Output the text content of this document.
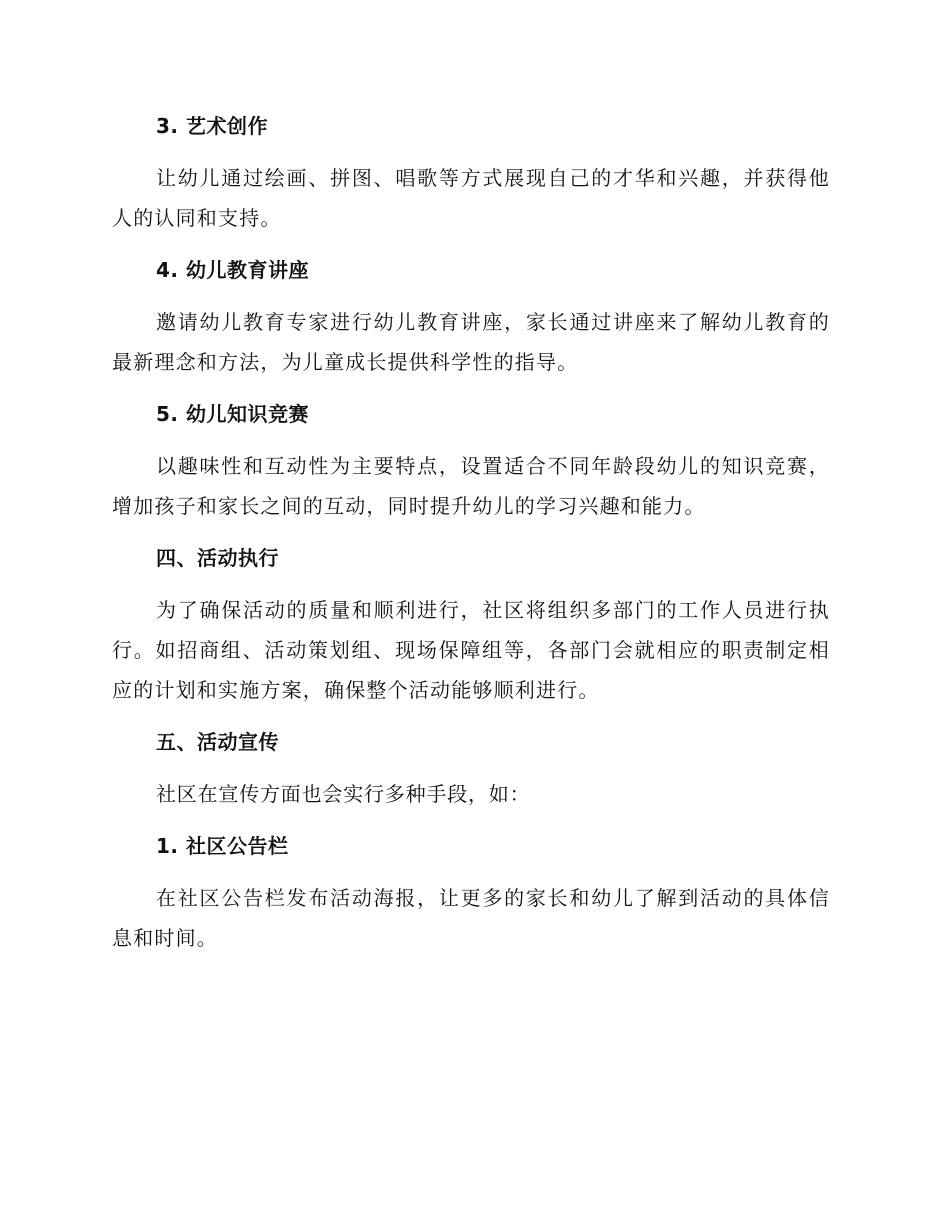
3. 艺术创作

让幼儿通过绘画、拼图、唱歌等方式展现自己的才华和兴趣，并获得他人的认同和支持。

4. 幼儿教育讲座

邀请幼儿教育专家进行幼儿教育讲座，家长通过讲座来了解幼儿教育的最新理念和方法，为儿童成长提供科学性的指导。

5. 幼儿知识竞赛

以趣味性和互动性为主要特点，设置适合不同年龄段幼儿的知识竞赛，增加孩子和家长之间的互动，同时提升幼儿的学习兴趣和能力。

四、活动执行

为了确保活动的质量和顺利进行，社区将组织多部门的工作人员进行执行。如招商组、活动策划组、现场保障组等，各部门会就相应的职责制定相应的计划和实施方案，确保整个活动能够顺利进行。

五、活动宣传

社区在宣传方面也会实行多种手段，如：

1. 社区公告栏

在社区公告栏发布活动海报，让更多的家长和幼儿了解到活动的具体信息和时间。
